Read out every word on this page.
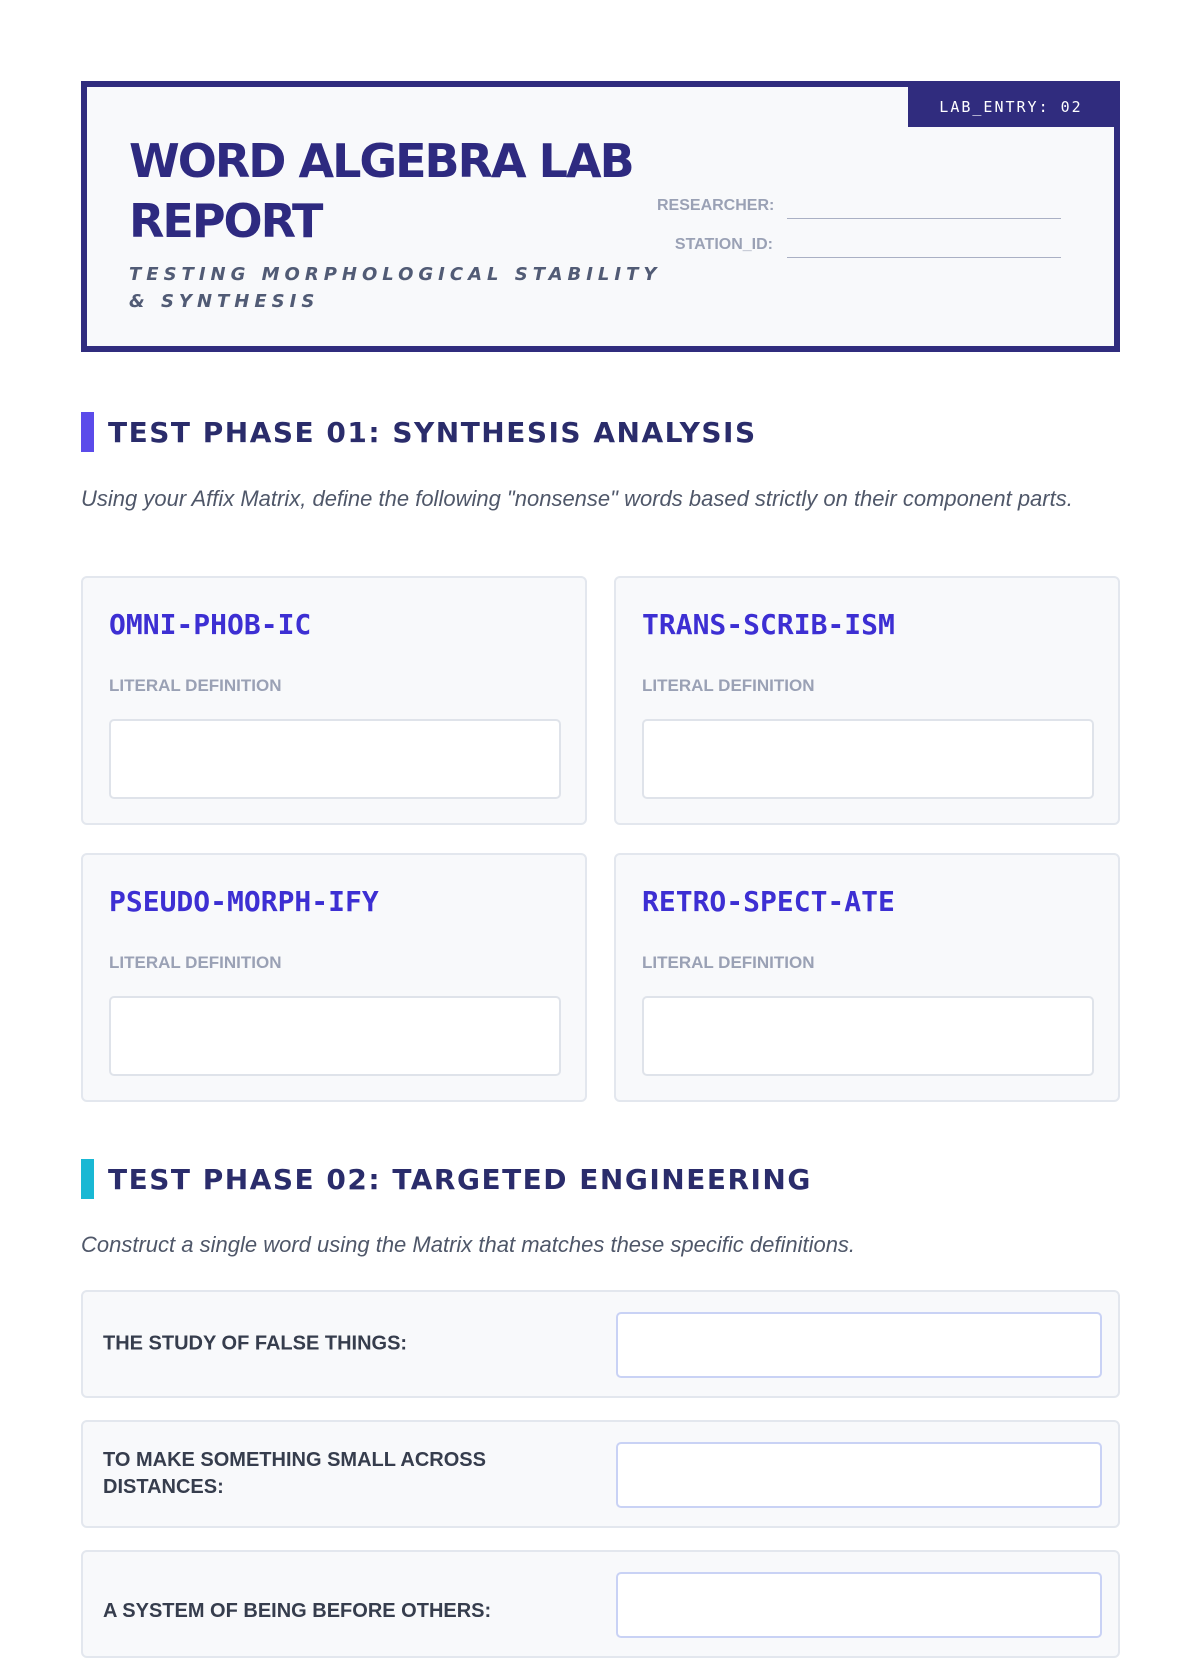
LAB_ENTRY: 02
WORD ALGEBRA LAB REPORT
TESTING MORPHOLOGICAL STABILITY & SYNTHESIS
RESEARCHER:
STATION_ID:
TEST PHASE 01: SYNTHESIS ANALYSIS

Using your Affix Matrix, define the following "nonsense" words based strictly on their component parts.

OMNI-PHOB-IC
LITERAL DEFINITION
TRANS-SCRIB-ISM
LITERAL DEFINITION
PSEUDO-MORPH-IFY
LITERAL DEFINITION
RETRO-SPECT-ATE
LITERAL DEFINITION
TEST PHASE 02: TARGETED ENGINEERING

Construct a single word using the Matrix that matches these specific definitions.

THE STUDY OF FALSE THINGS:
TO MAKE SOMETHING SMALL ACROSS DISTANCES:
A SYSTEM OF BEING BEFORE OTHERS:
